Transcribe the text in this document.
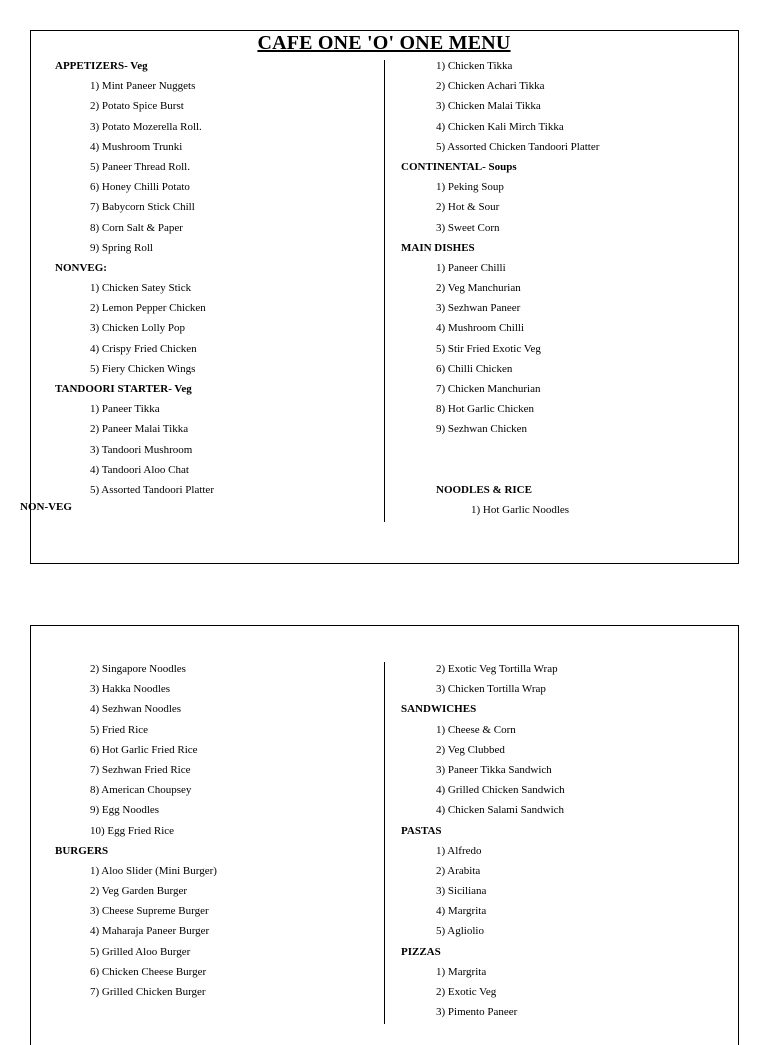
CAFE ONE 'O' ONE MENU
APPETIZERS- Veg
1) Mint Paneer Nuggets
2) Potato Spice Burst
3) Potato Mozerella Roll.
4) Mushroom Trunki
5) Paneer Thread Roll.
6) Honey Chilli Potato
7) Babycorn Stick Chill
8) Corn Salt & Paper
9) Spring Roll
NONVEG:
1) Chicken Satey Stick
2) Lemon Pepper Chicken
3) Chicken Lolly Pop
4) Crispy Fried Chicken
5) Fiery Chicken Wings
TANDOORI STARTER- Veg
1) Paneer Tikka
2) Paneer Malai Tikka
3) Tandoori Mushroom
4) Tandoori Aloo Chat
5) Assorted Tandoori Platter
1) Chicken Tikka
2) Chicken Achari Tikka
3) Chicken Malai Tikka
4) Chicken Kali Mirch Tikka
5) Assorted Chicken Tandoori Platter
CONTINENTAL- Soups
1) Peking Soup
2) Hot & Sour
3) Sweet Corn
MAIN DISHES
1) Paneer Chilli
2) Veg Manchurian
3) Sezhwan Paneer
4) Mushroom Chilli
5) Stir Fried Exotic Veg
6) Chilli Chicken
7) Chicken Manchurian
8) Hot Garlic Chicken
9) Sezhwan Chicken
NOODLES & RICE
1) Hot Garlic Noodles
NON-VEG
2) Singapore Noodles
3) Hakka Noodles
4) Sezhwan Noodles
5) Fried Rice
6) Hot Garlic Fried Rice
7) Sezhwan Fried Rice
8) American Choupsey
9) Egg Noodles
10) Egg Fried Rice
BURGERS
1) Aloo Slider (Mini Burger)
2) Veg Garden Burger
3) Cheese Supreme Burger
4) Maharaja Paneer Burger
5) Grilled Aloo Burger
6) Chicken Cheese Burger
7) Grilled Chicken Burger
2) Exotic Veg Tortilla Wrap
3) Chicken Tortilla Wrap
SANDWICHES
1) Cheese & Corn
2) Veg Clubbed
3) Paneer Tikka Sandwich
4) Grilled Chicken Sandwich
4) Chicken Salami Sandwich
PASTAS
1) Alfredo
2) Arabita
3) Siciliana
4) Margrita
5) Agliolio
PIZZAS
1) Margrita
2) Exotic Veg
3) Pimento Paneer
